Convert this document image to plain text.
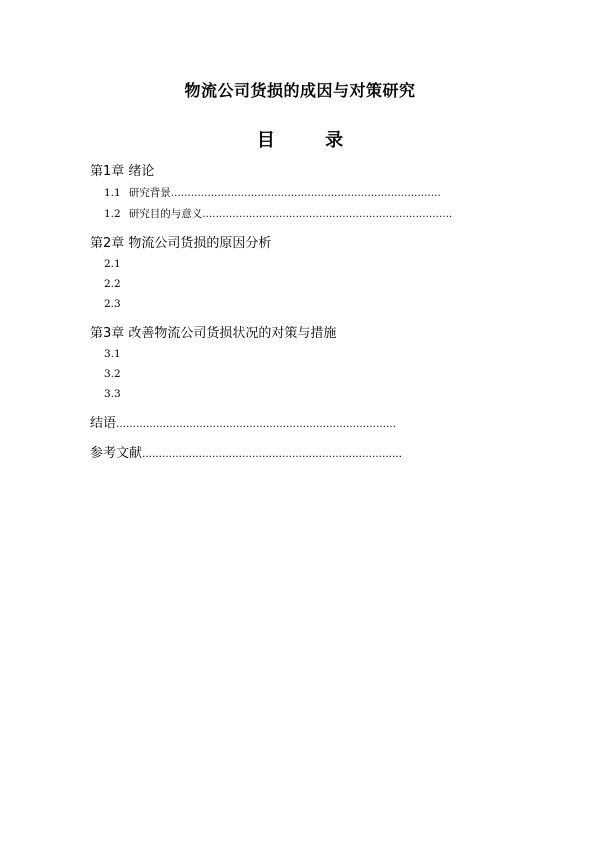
物流公司货损的成因与对策研究
目 录
第1章 绪论
1.1 研究背景 ………………………………………………………………………
1.2 研究目的与意义 …………………………………………………………………
第2章 物流公司货损的原因分析
2.1
2.2
2.3
第3章 改善物流公司货损状况的对策与措施
3.1
3.2
3.3
结语 …………………………………………………………………………
参考文献 ……………………………………………………………………
